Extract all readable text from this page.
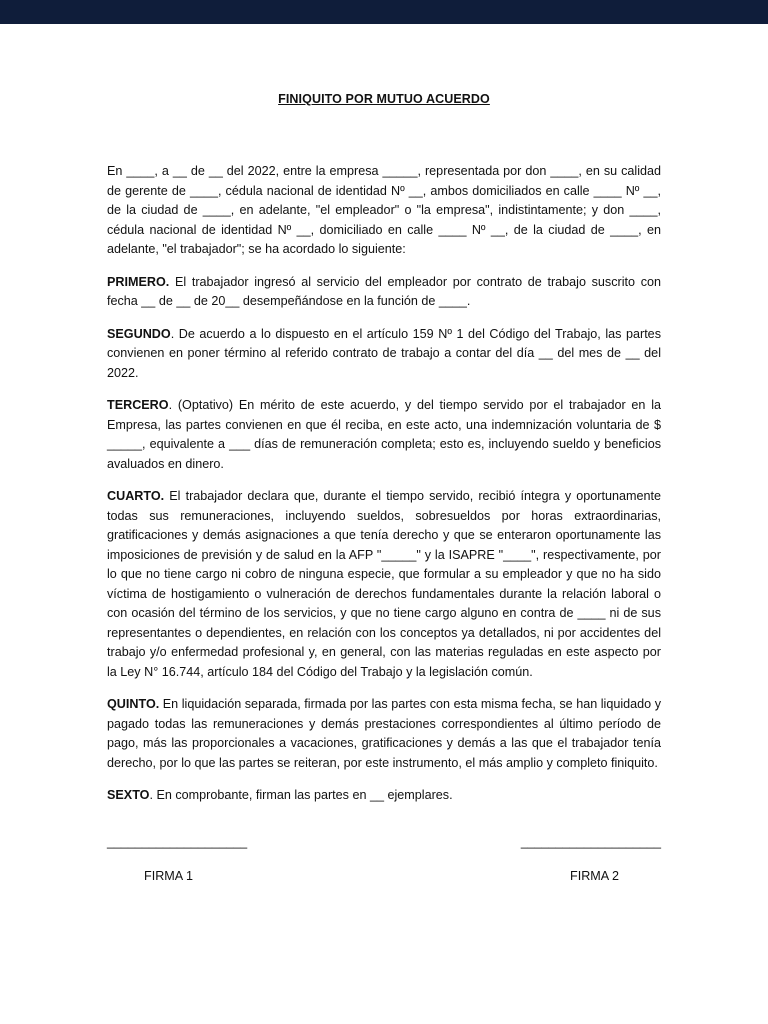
FINIQUITO POR MUTUO ACUERDO

En ____, a __ de __ del 2022, entre la empresa _____, representada por don ____, en su calidad de gerente de ____, cédula nacional de identidad Nº __, ambos domiciliados en calle ____ Nº __, de la ciudad de ____, en adelante, "el empleador" o "la empresa", indistintamente; y don ____, cédula nacional de identidad Nº __, domiciliado en calle ____ Nº __, de la ciudad de ____, en adelante, "el trabajador"; se ha acordado lo siguiente:

PRIMERO. El trabajador ingresó al servicio del empleador por contrato de trabajo suscrito con fecha __ de __ de 20__ desempeñándose en la función de ____.

SEGUNDO. De acuerdo a lo dispuesto en el artículo 159 Nº 1 del Código del Trabajo, las partes convienen en poner término al referido contrato de trabajo a contar del día __ del mes de __ del 2022.

TERCERO. (Optativo) En mérito de este acuerdo, y del tiempo servido por el trabajador en la Empresa, las partes convienen en que él reciba, en este acto, una indemnización voluntaria de $ _____, equivalente a ___ días de remuneración completa; esto es, incluyendo sueldo y beneficios avaluados en dinero.

CUARTO. El trabajador declara que, durante el tiempo servido, recibió íntegra y oportunamente todas sus remuneraciones, incluyendo sueldos, sobresueldos por horas extraordinarias, gratificaciones y demás asignaciones a que tenía derecho y que se enteraron oportunamente las imposiciones de previsión y de salud en la AFP "_____" y la ISAPRE "____", respectivamente, por lo que no tiene cargo ni cobro de ninguna especie, que formular a su empleador y que no ha sido víctima de hostigamiento o vulneración de derechos fundamentales durante la relación laboral o con ocasión del término de los servicios, y que no tiene cargo alguno en contra de ____ ni de sus representantes o dependientes, en relación con los conceptos ya detallados, ni por accidentes del trabajo y/o enfermedad profesional y, en general, con las materias reguladas en este aspecto por la Ley N° 16.744, artículo 184 del Código del Trabajo y la legislación común.

QUINTO. En liquidación separada, firmada por las partes con esta misma fecha, se han liquidado y pagado todas las remuneraciones y demás prestaciones correspondientes al último período de pago, más las proporcionales a vacaciones, gratificaciones y demás a las que el trabajador tenía derecho, por lo que las partes se reiteran, por este instrumento, el más amplio y completo finiquito.

SEXTO. En comprobante, firman las partes en __ ejemplares.

____________________	____________________
FIRMA 1	FIRMA 2
